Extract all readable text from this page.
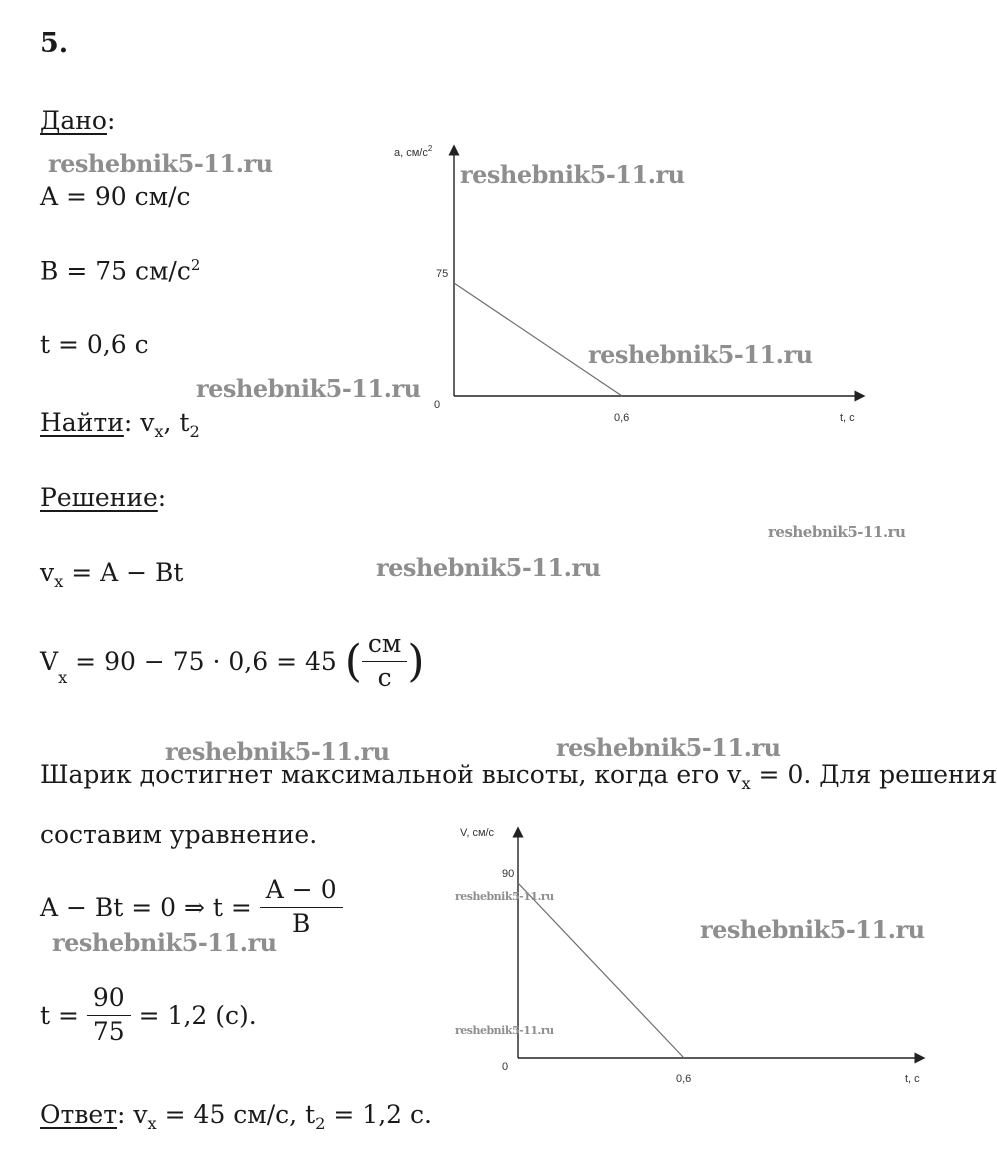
5.
Дано:
A = 90 см/с
B = 75 $см/с^2$
t = 0,6 с
Найти: $v_x$, $t_2$
Решение:
$v_x = A - Bt$
V
$_x$
= 90 − 75 · 0,6 = 45 ( $\frac{см}{с}$ )
Шарик достигнет максимальной высоты, когда его $v_x = 0$. Для решения
составим уравнение.
A − Bt = 0 ⇒ $t = \frac{A - 0}{B}$
$t = \frac{90}{75} = 1,2$ (с).
Ответ: $v_x = 45$ см/с, $t_2 = 1,2$ с.
a, $см/с^2$
0
75
0,6	t, с
V, см/с
0
90
0,6	t, с
reshebnik5-11.ru	reshebnik5-11.ru
reshebnik5-11.ru
reshebnik5-11.ru
reshebnik5-11.ru
reshebnik5-11.ru
reshebnik5-11.ru	reshebnik5-11.ru
reshebnik5-11.ru
reshebnik5-11.ru
reshebnik5-11.ru
reshebnik5-11.ru
